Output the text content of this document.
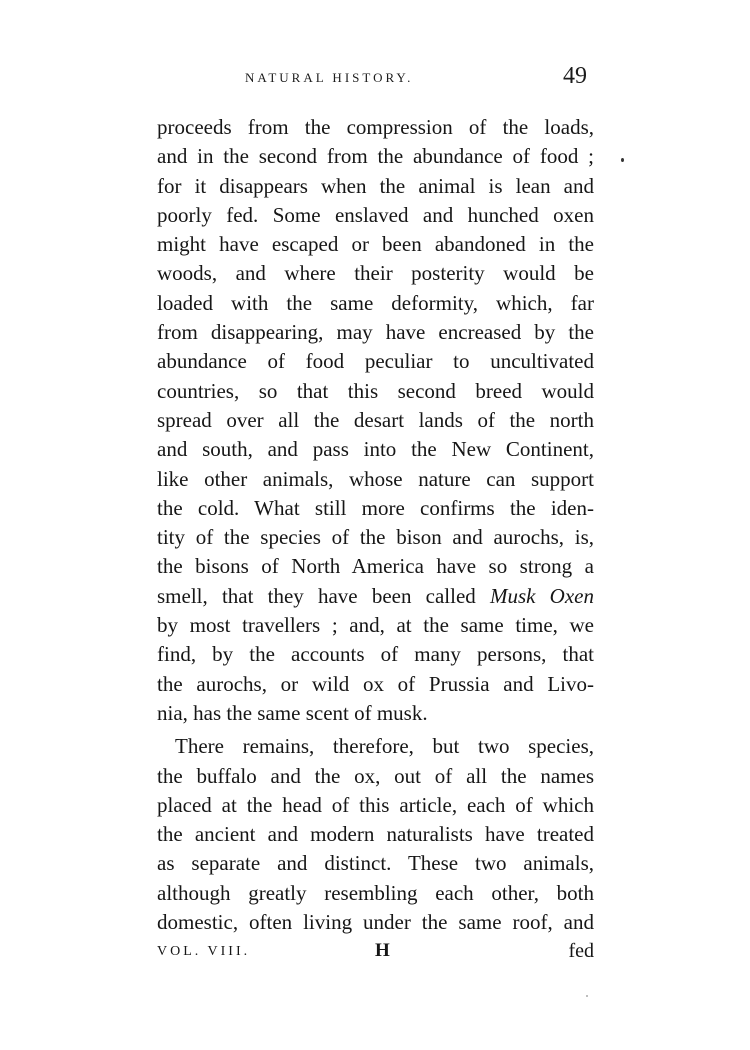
NATURAL HISTORY.	49
proceeds from the compression of the loads,
and in the second from the abundance of food ;
for it disappears when the animal is lean and
poorly fed. Some enslaved and hunched oxen
might have escaped or been abandoned in the
woods, and where their posterity would be
loaded with the same deformity, which, far
from disappearing, may have encreased by the
abundance of food peculiar to uncultivated
countries, so that this second breed would
spread over all the desart lands of the north
and south, and pass into the New Continent,
like other animals, whose nature can support
the cold. What still more confirms the iden-
tity of the species of the bison and aurochs, is,
the bisons of North America have so strong a
smell, that they have been called Musk Oxen
by most travellers ; and, at the same time, we
find, by the accounts of many persons, that
the aurochs, or wild ox of Prussia and Livo-
nia, has the same scent of musk.
There remains, therefore, but two species,
the buffalo and the ox, out of all the names
placed at the head of this article, each of which
the ancient and modern naturalists have treated
as separate and distinct. These two animals,
although greatly resembling each other, both
domestic, often living under the same roof, and
VOL. VIII.	H	fed
